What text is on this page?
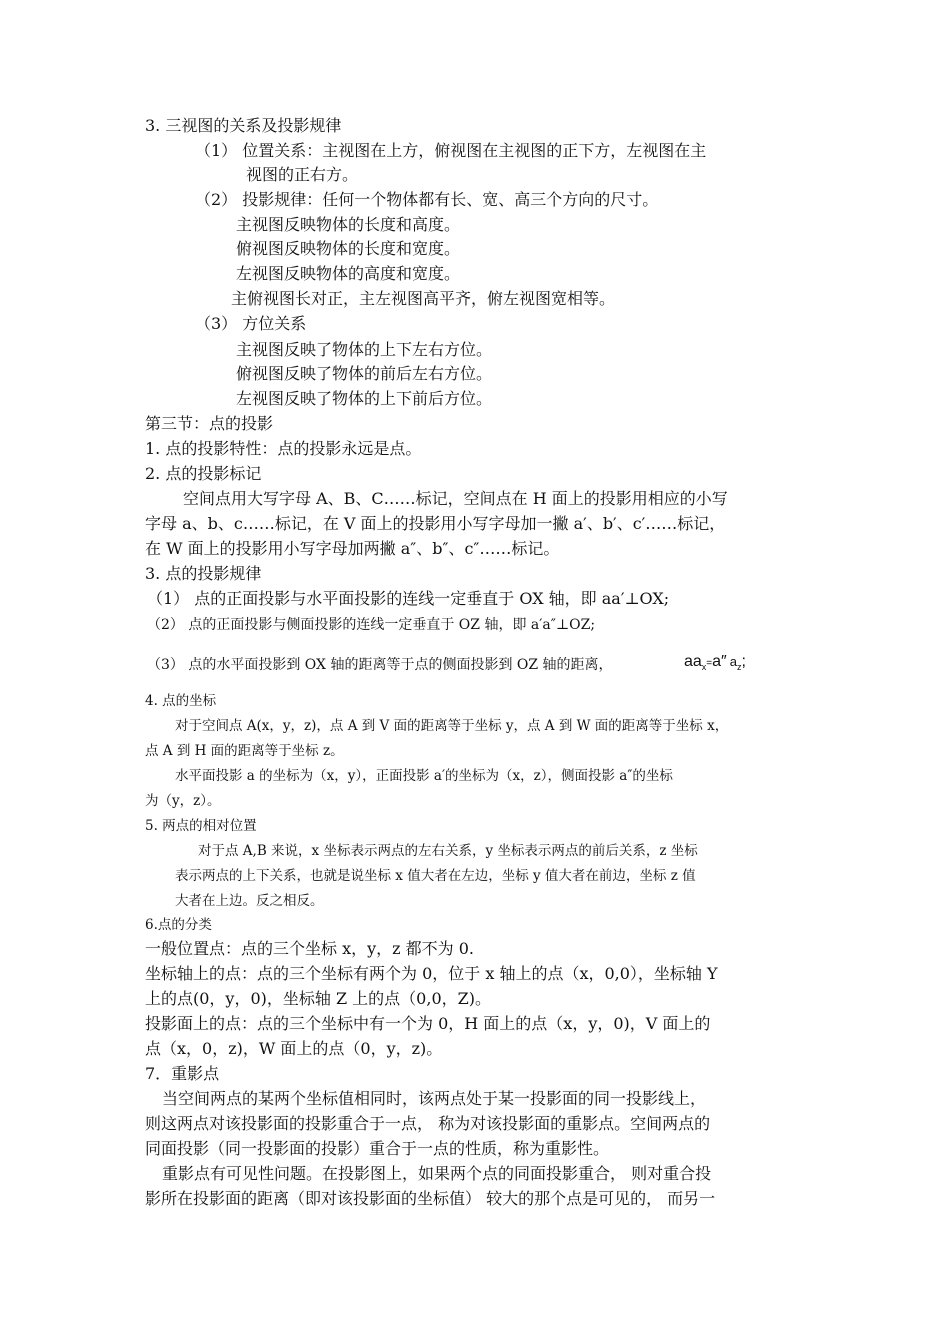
3. 三视图的关系及投影规律
（1） 位置关系：主视图在上方，俯视图在主视图的正下方，左视图在主
视图的正右方。
（2） 投影规律：任何一个物体都有长、宽、高三个方向的尺寸。
主视图反映物体的长度和高度。
俯视图反映物体的长度和宽度。
左视图反映物体的高度和宽度。
主俯视图长对正，主左视图高平齐，俯左视图宽相等。
（3） 方位关系
主视图反映了物体的上下左右方位。
俯视图反映了物体的前后左右方位。
左视图反映了物体的上下前后方位。
第三节：点的投影
1. 点的投影特性：点的投影永远是点。
2. 点的投影标记
空间点用大写字母 A、B、C……标记，空间点在 H 面上的投影用相应的小写
字母 a、b、c……标记，在 V 面上的投影用小写字母加一撇 a′、b′、c′……标记，
在 W 面上的投影用小写字母加两撇 a″、b″、c″……标记。
3. 点的投影规律
（1） 点的正面投影与水平面投影的连线一定垂直于 OX 轴，即 aa′⊥OX;
（2） 点的正面投影与侧面投影的连线一定垂直于 OZ 轴，即 a′a″⊥OZ;
（3） 点的水平面投影到 OX 轴的距离等于点的侧面投影到 OZ 轴的距离，	$aa_x=a''$ $a_z$;
4. 点的坐标
对于空间点 A(x，y，z)，点 A 到 V 面的距离等于坐标 y，点 A 到 W 面的距离等于坐标 x，
点 A 到 H 面的距离等于坐标 z。
水平面投影 a 的坐标为（x，y），正面投影 a′的坐标为（x，z），侧面投影 a″的坐标
为（y，z）。
5. 两点的相对位置
对于点 A,B 来说，x 坐标表示两点的左右关系，y 坐标表示两点的前后关系，z 坐标
表示两点的上下关系，也就是说坐标 x 值大者在左边，坐标 y 值大者在前边，坐标 z 值
大者在上边。反之相反。
6.点的分类
一般位置点：点的三个坐标 x，y，z 都不为 0.
坐标轴上的点：点的三个坐标有两个为 0，位于 x 轴上的点（x，0,0），坐标轴 Y
上的点(0，y，0)，坐标轴 Z 上的点（0,0，Z)。
投影面上的点：点的三个坐标中有一个为 0，H 面上的点（x，y，0)，V 面上的
点（x，0，z)，W 面上的点（0，y，z)。
7．重影点
当空间两点的某两个坐标值相同时，该两点处于某一投影面的同一投影线上，
则这两点对该投影面的投影重合于一点， 称为对该投影面的重影点。空间两点的
同面投影（同一投影面的投影）重合于一点的性质，称为重影性。
重影点有可见性问题。在投影图上，如果两个点的同面投影重合， 则对重合投
影所在投影面的距离（即对该投影面的坐标值） 较大的那个点是可见的， 而另一
